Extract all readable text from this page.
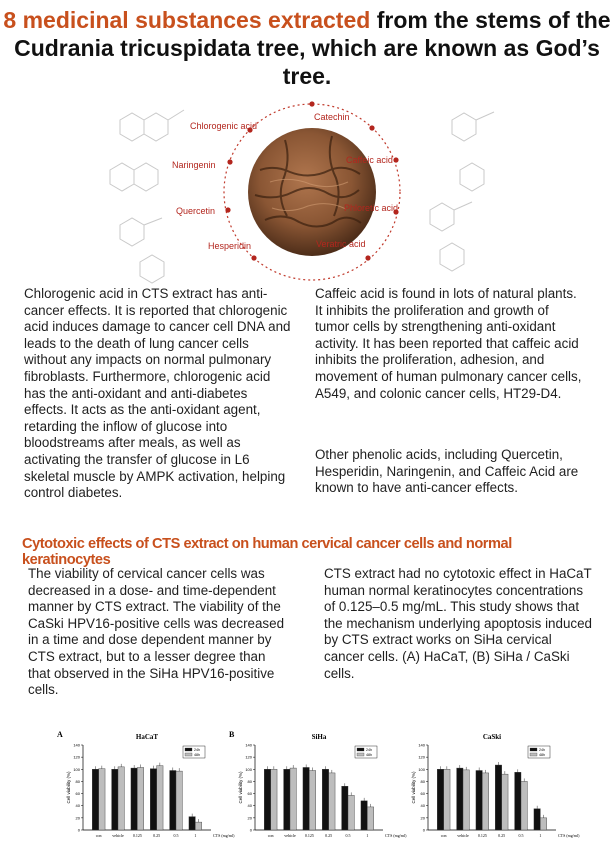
8 medicinal substances extracted from the stems of the Cudrania tricuspidata tree, which are known as God’s tree.
Chlorogenic acid
Catechin
Naringenin	Caffeic acid
Quercetin	Phloretic acid
Hesperidin	Veratric acid
Chlorogenic acid in CTS extract has anti-cancer effects. It is reported that chlorogenic acid induces damage to cancer cell DNA and leads to the death of lung cancer cells without any impacts on normal pulmonary fibroblasts. Furthermore, chlorogenic acid has the anti-oxidant and anti-diabetes effects. It acts as the anti-oxidant agent, retarding the inflow of glucose into bloodstreams after meals, as well as activating the transfer of glucose in L6 skeletal muscle by AMPK activation, helping control diabetes.
Caffeic acid is found in lots of natural plants. It inhibits the proliferation and growth of tumor cells by strengthening anti-oxidant activity. It has been reported that caffeic acid inhibits the proliferation, adhesion, and movement of human pulmonary cancer cells, A549, and colonic cancer cells, HT29-D4.
Other phenolic acids, including Quercetin, Hesperidin, Naringenin, and Caffeic Acid are known to have anti-cancer effects.
Cytotoxic effects of CTS extract on human cervical cancer cells and normal keratinocytes
The viability of cervical cancer cells was decreased in a dose- and time-dependent manner by CTS extract. The viability of the CaSki HPV16-positive cells was decreased in a time and dose dependent manner by CTS extract, but to a lesser degree than that observed in the SiHa HPV16-positive cells.
CTS extract had no cytotoxic effect in HaCaT human normal keratinocytes concentrations of 0.125–0.5 mg/mL. This study shows that the mechanism underlying apoptosis induced by CTS extract works on SiHa cervical cancer cells. (A) HaCaT, (B) SiHa / CaSki cells.
A	HaCaT
0
20
40
60
80
100
120
140
Cell viability (%)
con	vehicle 0.125	0.25	0.5	1	CTS (mg/ml)
24h
48h
B	SiHa
0
20
40
60
80
100
120
140
Cell viability (%)
con	vehicle 0.125	0.25	0.5	1	CTS (mg/ml)
24h
48h
CaSki
0
20
40
60
80
100
120
140
Cell viability (%)
con	vehicle 0.125	0.25	0.5	1	CTS (mg/ml)
24h
48h
